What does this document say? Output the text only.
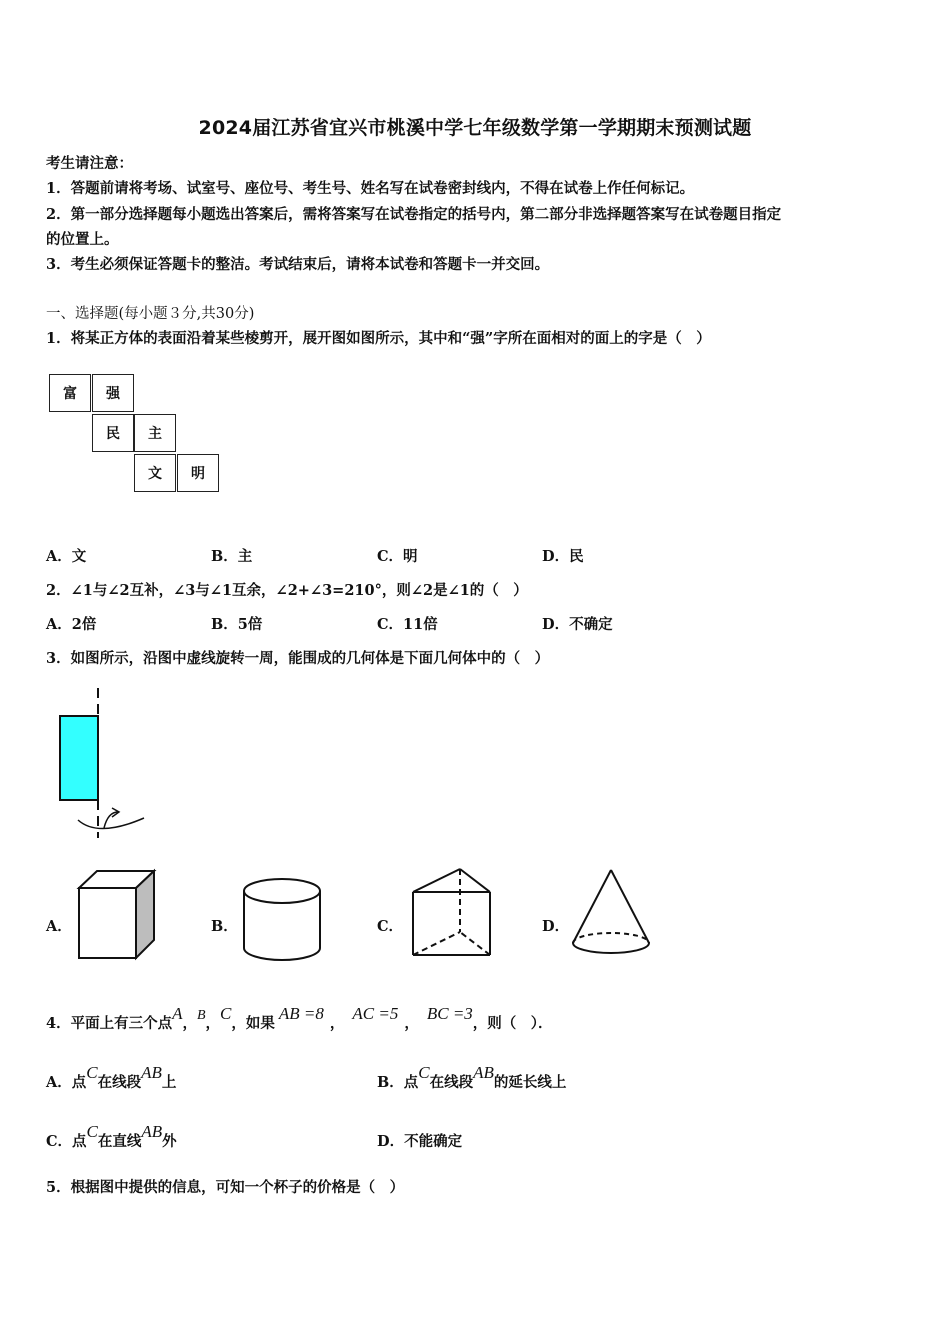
2024届江苏省宜兴市桃溪中学七年级数学第一学期期末预测试题
考生请注意：
1．答题前请将考场、试室号、座位号、考生号、姓名写在试卷密封线内，不得在试卷上作任何标记。
2．第一部分选择题每小题选出答案后，需将答案写在试卷指定的括号内，第二部分非选择题答案写在试卷题目指定
的位置上。
3．考生必须保证答题卡的整洁。考试结束后，请将本试卷和答题卡一并交回。
一、选择题(每小题３分,共30分)
1．将某正方体的表面沿着某些棱剪开，展开图如图所示，其中和“强”字所在面相对的面上的字是（　）
富	强
民	主
文	明
A．文	B．主	C．明	D．民
2．∠1与∠2互补，∠3与∠1互余，∠2+∠3=210°，则∠2是∠1的（　）
A．2倍	B．5倍	C．11倍	D．不确定
3．如图所示，沿图中虚线旋转一周，能围成的几何体是下面几何体中的（　）
A．	B．	C．	D．
4．平面上有三个点A，B，C，如果AB =8，AC =5，BC =3，则（　）．
A．点C在线段AB上	B．点C在线段AB的延长线上
C．点C在直线AB外	D．不能确定
5．根据图中提供的信息，可知一个杯子的价格是（　）
